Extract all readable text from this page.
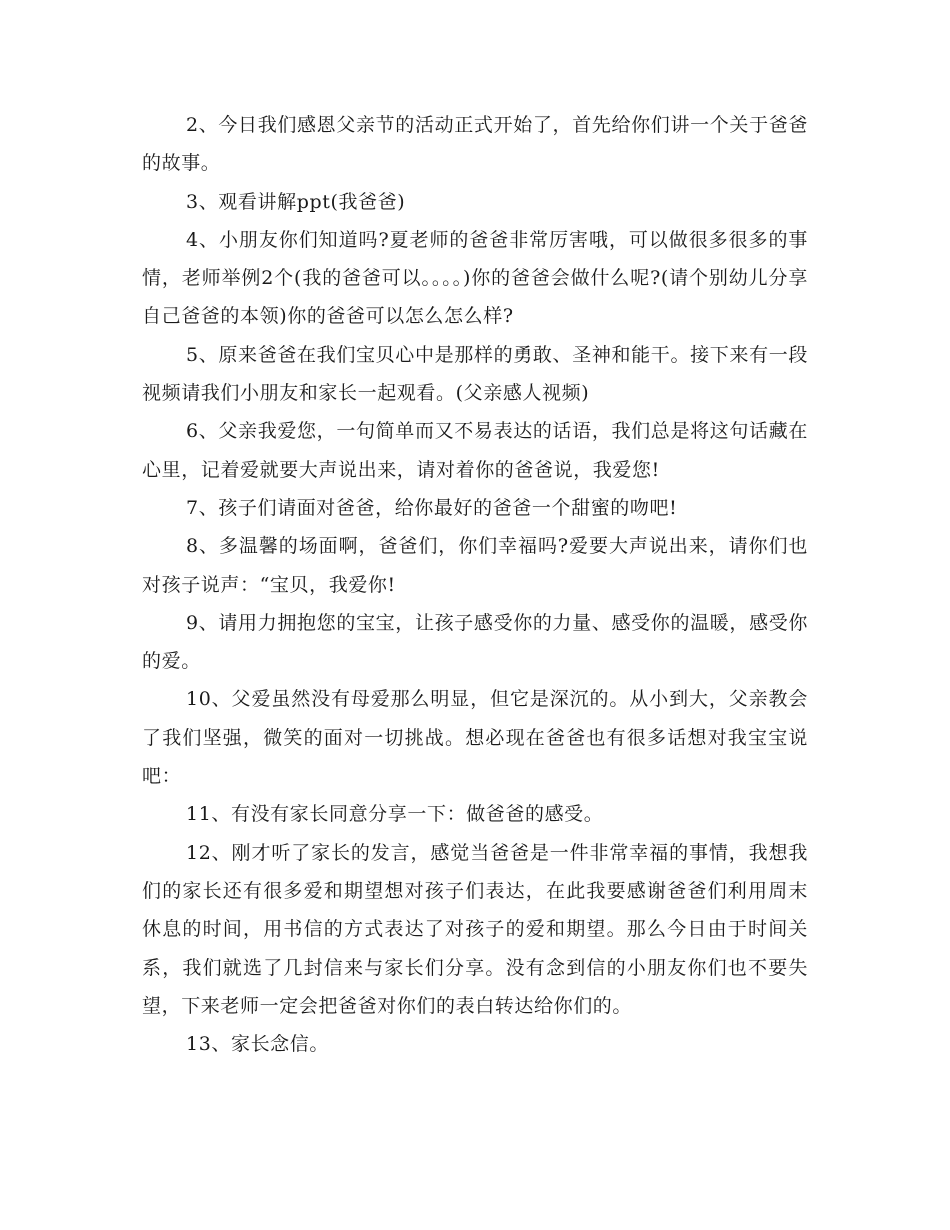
2、今日我们感恩父亲节的活动正式开始了，首先给你们讲一个关于爸爸的故事。

3、观看讲解ppt(我爸爸)

4、小朋友你们知道吗?夏老师的爸爸非常厉害哦，可以做很多很多的事情，老师举例2个(我的爸爸可以。。。。)你的爸爸会做什么呢?(请个别幼儿分享自己爸爸的本领)你的爸爸可以怎么怎么样?

5、原来爸爸在我们宝贝心中是那样的勇敢、圣神和能干。接下来有一段视频请我们小朋友和家长一起观看。(父亲感人视频)

6、父亲我爱您，一句简单而又不易表达的话语，我们总是将这句话藏在心里，记着爱就要大声说出来，请对着你的爸爸说，我爱您!

7、孩子们请面对爸爸，给你最好的爸爸一个甜蜜的吻吧!

8、多温馨的场面啊，爸爸们，你们幸福吗?爱要大声说出来，请你们也对孩子说声：“宝贝，我爱你!

9、请用力拥抱您的宝宝，让孩子感受你的力量、感受你的温暖，感受你的爱。

10、父爱虽然没有母爱那么明显，但它是深沉的。从小到大，父亲教会了我们坚强，微笑的面对一切挑战。想必现在爸爸也有很多话想对我宝宝说吧：

11、有没有家长同意分享一下：做爸爸的感受。

12、刚才听了家长的发言，感觉当爸爸是一件非常幸福的事情，我想我们的家长还有很多爱和期望想对孩子们表达，在此我要感谢爸爸们利用周末休息的时间，用书信的方式表达了对孩子的爱和期望。那么今日由于时间关系，我们就选了几封信来与家长们分享。没有念到信的小朋友你们也不要失望，下来老师一定会把爸爸对你们的表白转达给你们的。

13、家长念信。
